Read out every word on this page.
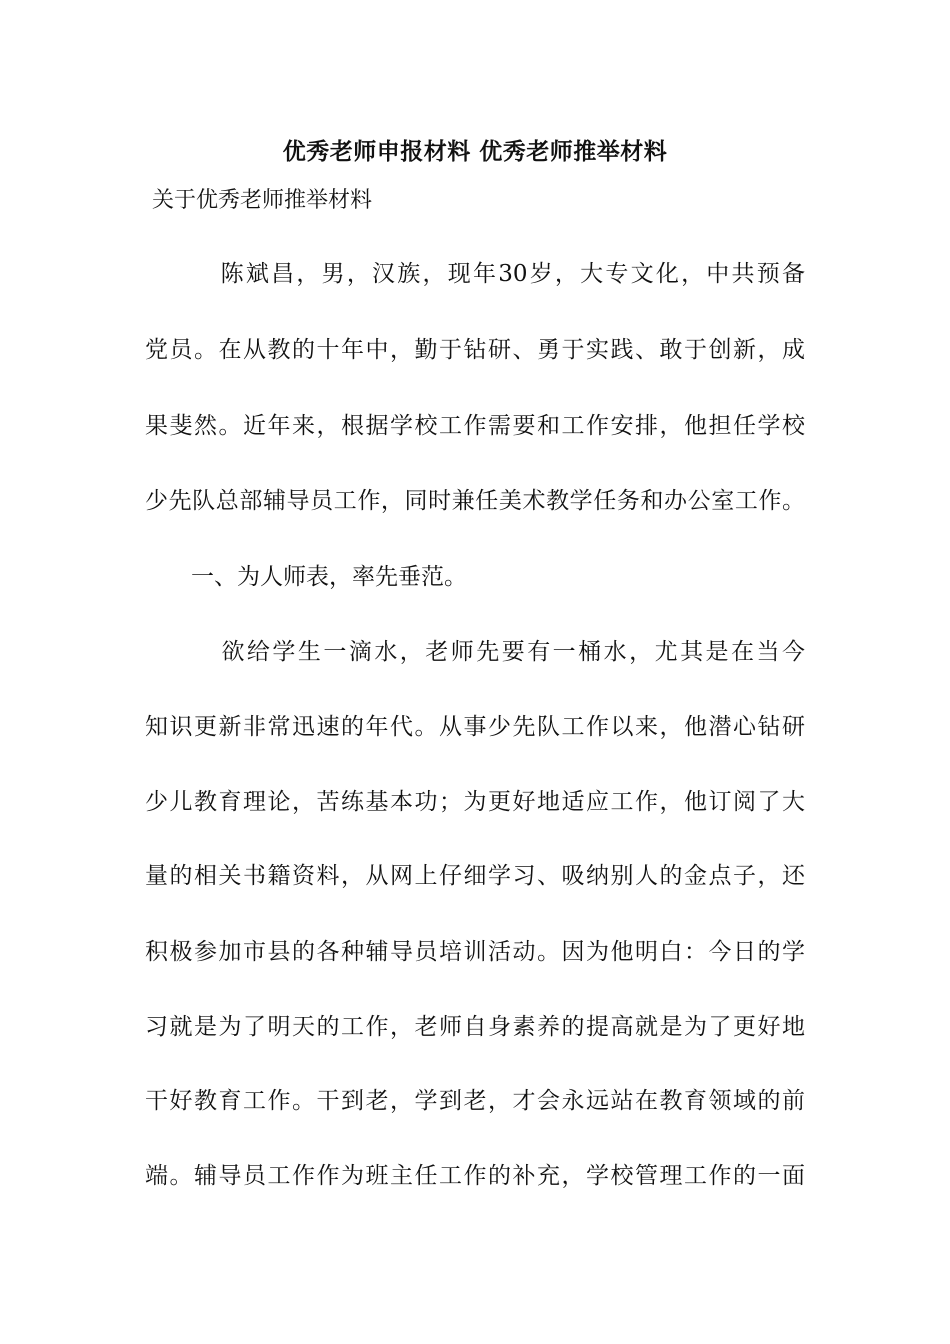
优秀老师申报材料 优秀老师推举材料
关于优秀老师推举材料
　　　陈斌昌，男，汉族，现年30岁，大专文化，中共预备
党员。在从教的十年中，勤于钻研、勇于实践、敢于创新，成
果斐然。近年来，根据学校工作需要和工作安排，他担任学校
少先队总部辅导员工作，同时兼任美术教学任务和办公室工作。
　　一、为人师表，率先垂范。
　　　欲给学生一滴水，老师先要有一桶水，尤其是在当今
知识更新非常迅速的年代。从事少先队工作以来，他潜心钻研
少儿教育理论，苦练基本功；为更好地适应工作，他订阅了大
量的相关书籍资料，从网上仔细学习、吸纳别人的金点子，还
积极参加市县的各种辅导员培训活动。因为他明白：今日的学
习就是为了明天的工作，老师自身素养的提高就是为了更好地
干好教育工作。干到老，学到老，才会永远站在教育领域的前
端。辅导员工作作为班主任工作的补充，学校管理工作的一面
